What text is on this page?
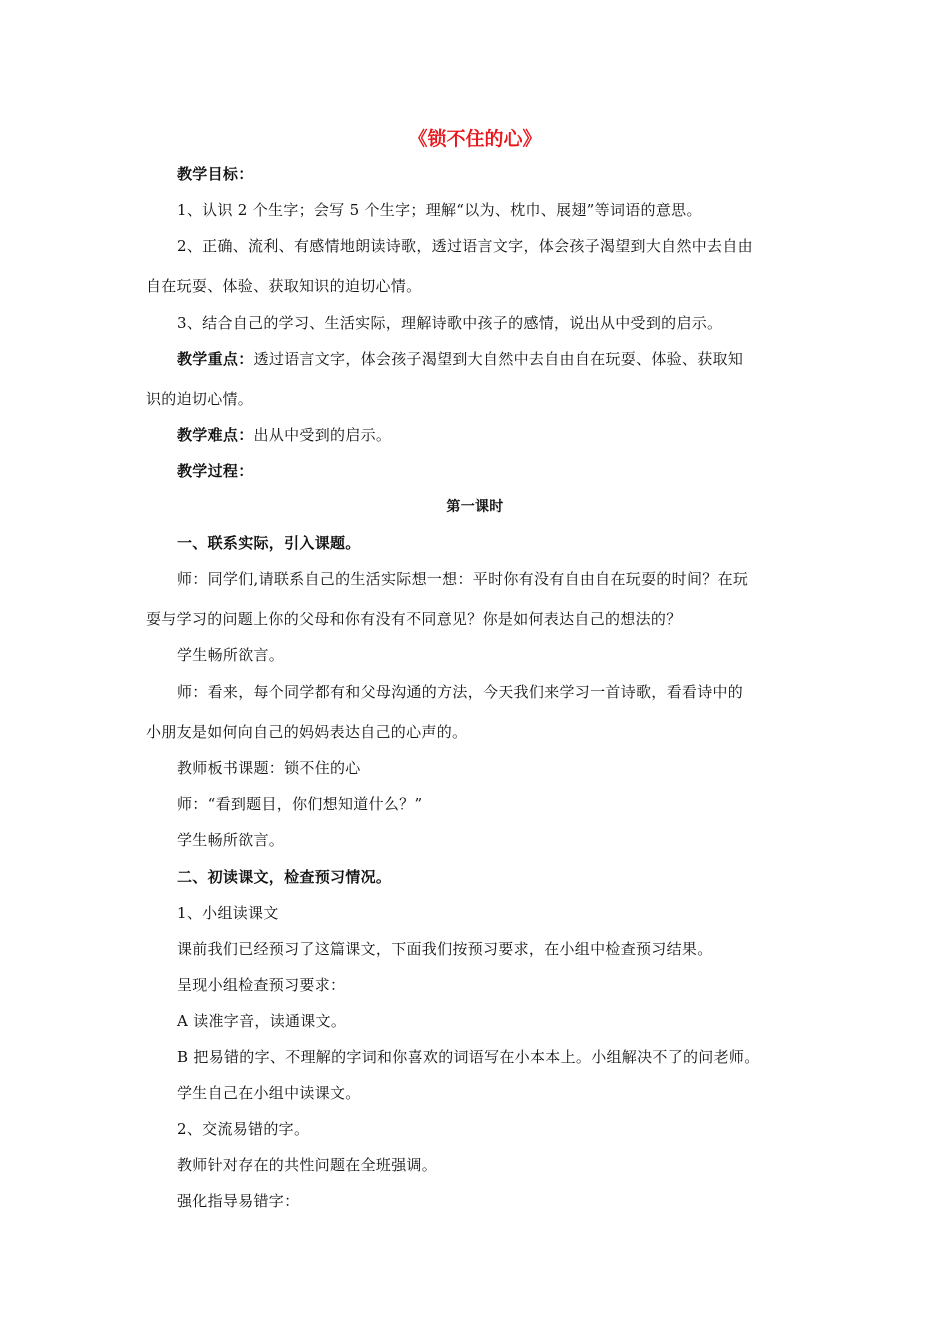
《锁不住的心》
教学目标：
1、认识 2 个生字；会写 5 个生字；理解“以为、枕巾、展翅”等词语的意思。
2、正确、流利、有感情地朗读诗歌，透过语言文字，体会孩子渴望到大自然中去自由
自在玩耍、体验、获取知识的迫切心情。
3、结合自己的学习、生活实际，理解诗歌中孩子的感情，说出从中受到的启示。
教学重点：透过语言文字，体会孩子渴望到大自然中去自由自在玩耍、体验、获取知
识的迫切心情。
教学难点：出从中受到的启示。
教学过程：
第一课时
一、联系实际，引入课题。
师：同学们,请联系自己的生活实际想一想：平时你有没有自由自在玩耍的时间？在玩
耍与学习的问题上你的父母和你有没有不同意见？你是如何表达自己的想法的？
学生畅所欲言。
师：看来，每个同学都有和父母沟通的方法，今天我们来学习一首诗歌，看看诗中的
小朋友是如何向自己的妈妈表达自己的心声的。
教师板书课题：锁不住的心
师：“看到题目，你们想知道什么？”
学生畅所欲言。
二、初读课文，检查预习情况。
1、小组读课文
课前我们已经预习了这篇课文，下面我们按预习要求，在小组中检查预习结果。
呈现小组检查预习要求：
A 读准字音，读通课文。
B 把易错的字、不理解的字词和你喜欢的词语写在小本本上。小组解决不了的问老师。
学生自己在小组中读课文。
2、交流易错的字。
教师针对存在的共性问题在全班强调。
强化指导易错字：
